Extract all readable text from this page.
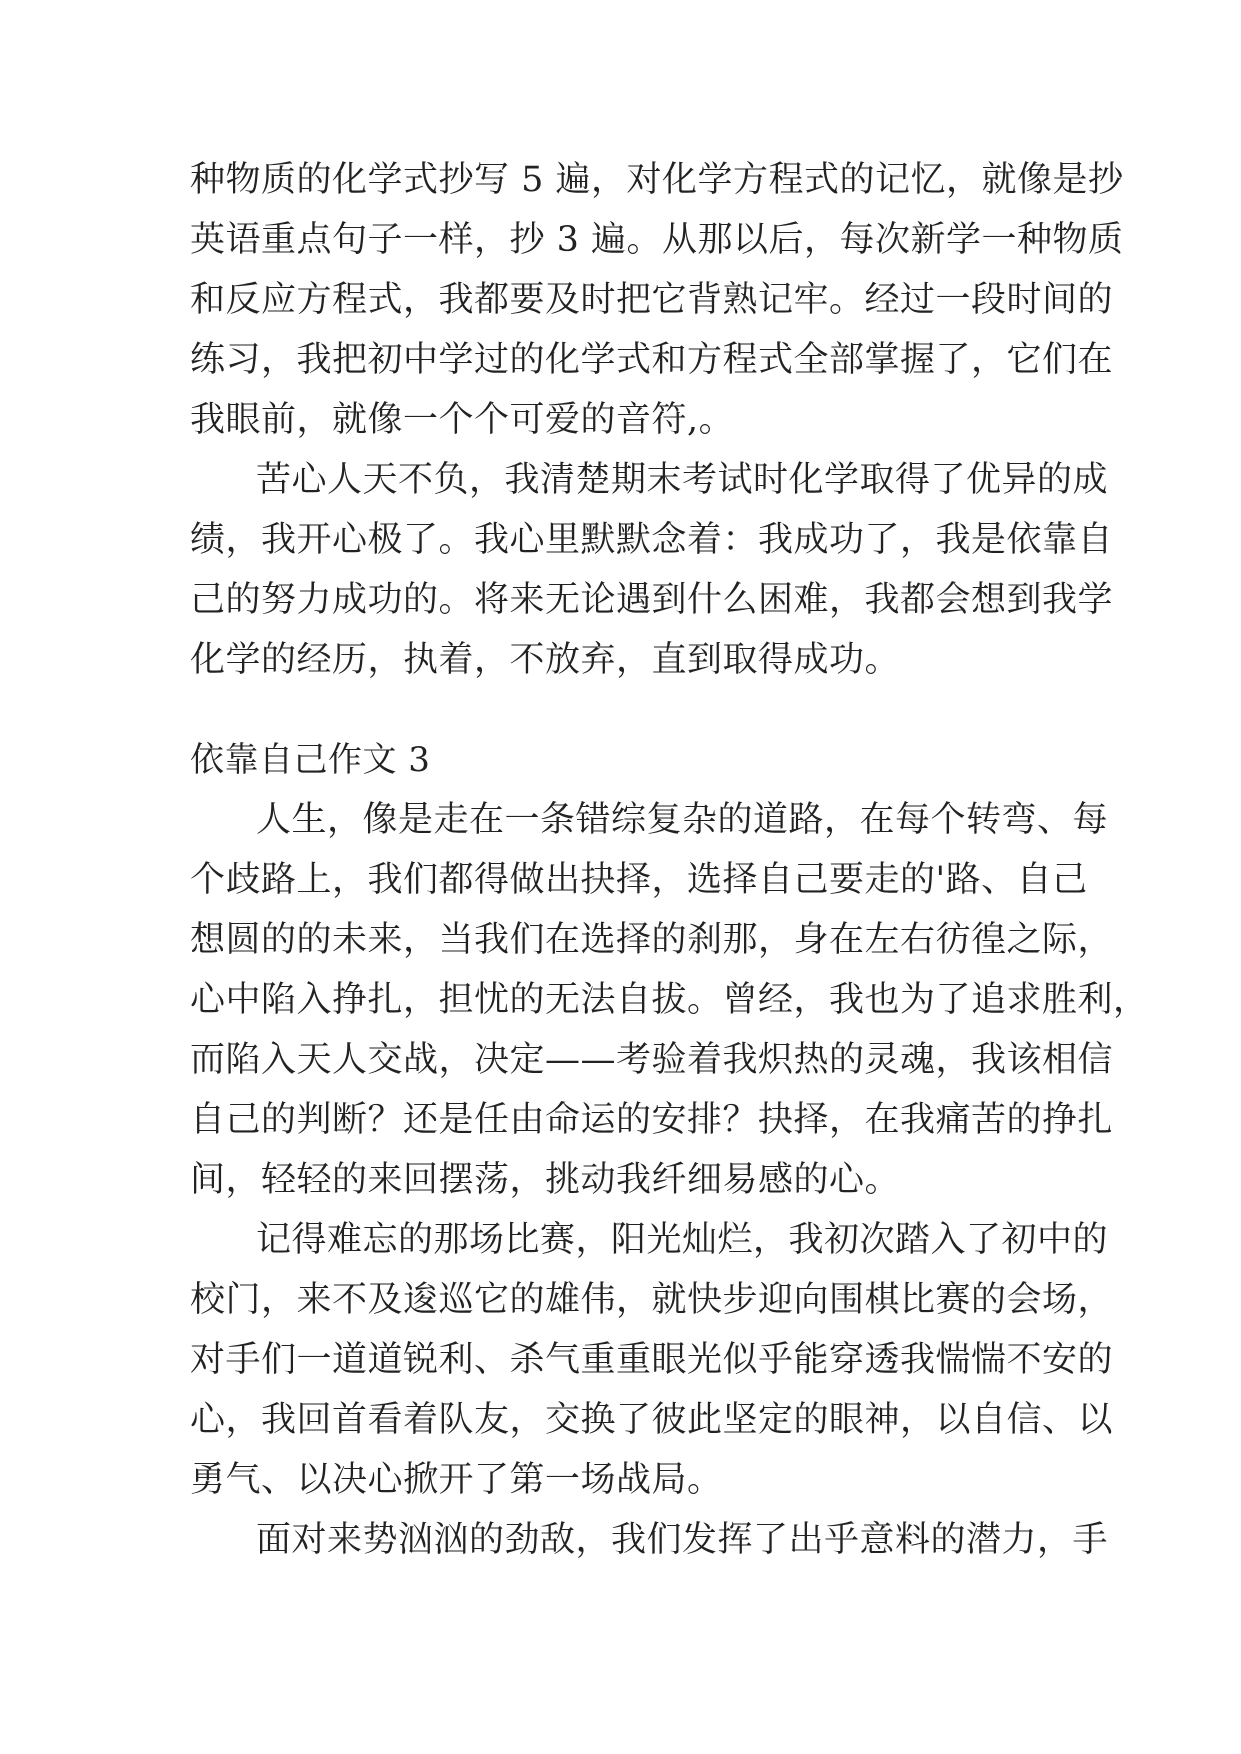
种物质的化学式抄写 5 遍，对化学方程式的记忆，就像是抄

英语重点句子一样，抄 3 遍。从那以后，每次新学一种物质

和反应方程式，我都要及时把它背熟记牢。经过一段时间的

练习，我把初中学过的化学式和方程式全部掌握了，它们在

我眼前，就像一个个可爱的音符,。

苦心人天不负，我清楚期末考试时化学取得了优异的成

绩，我开心极了。我心里默默念着：我成功了，我是依靠自

己的努力成功的。将来无论遇到什么困难，我都会想到我学

化学的经历，执着，不放弃，直到取得成功。

依靠自己作文 3

人生，像是走在一条错综复杂的道路，在每个转弯、每

个歧路上，我们都得做出抉择，选择自己要走的'路、自己

想圆的的未来，当我们在选择的刹那，身在左右彷徨之际，

心中陷入挣扎，担忧的无法自拔。曾经，我也为了追求胜利，

而陷入天人交战，决定——考验着我炽热的灵魂，我该相信

自己的判断？还是任由命运的安排？抉择，在我痛苦的挣扎

间，轻轻的来回摆荡，挑动我纤细易感的心。

记得难忘的那场比赛，阳光灿烂，我初次踏入了初中的

校门，来不及逡巡它的雄伟，就快步迎向围棋比赛的会场，

对手们一道道锐利、杀气重重眼光似乎能穿透我惴惴不安的

心，我回首看着队友，交换了彼此坚定的眼神，以自信、以

勇气、以决心掀开了第一场战局。

面对来势汹汹的劲敌，我们发挥了出乎意料的潜力，手
